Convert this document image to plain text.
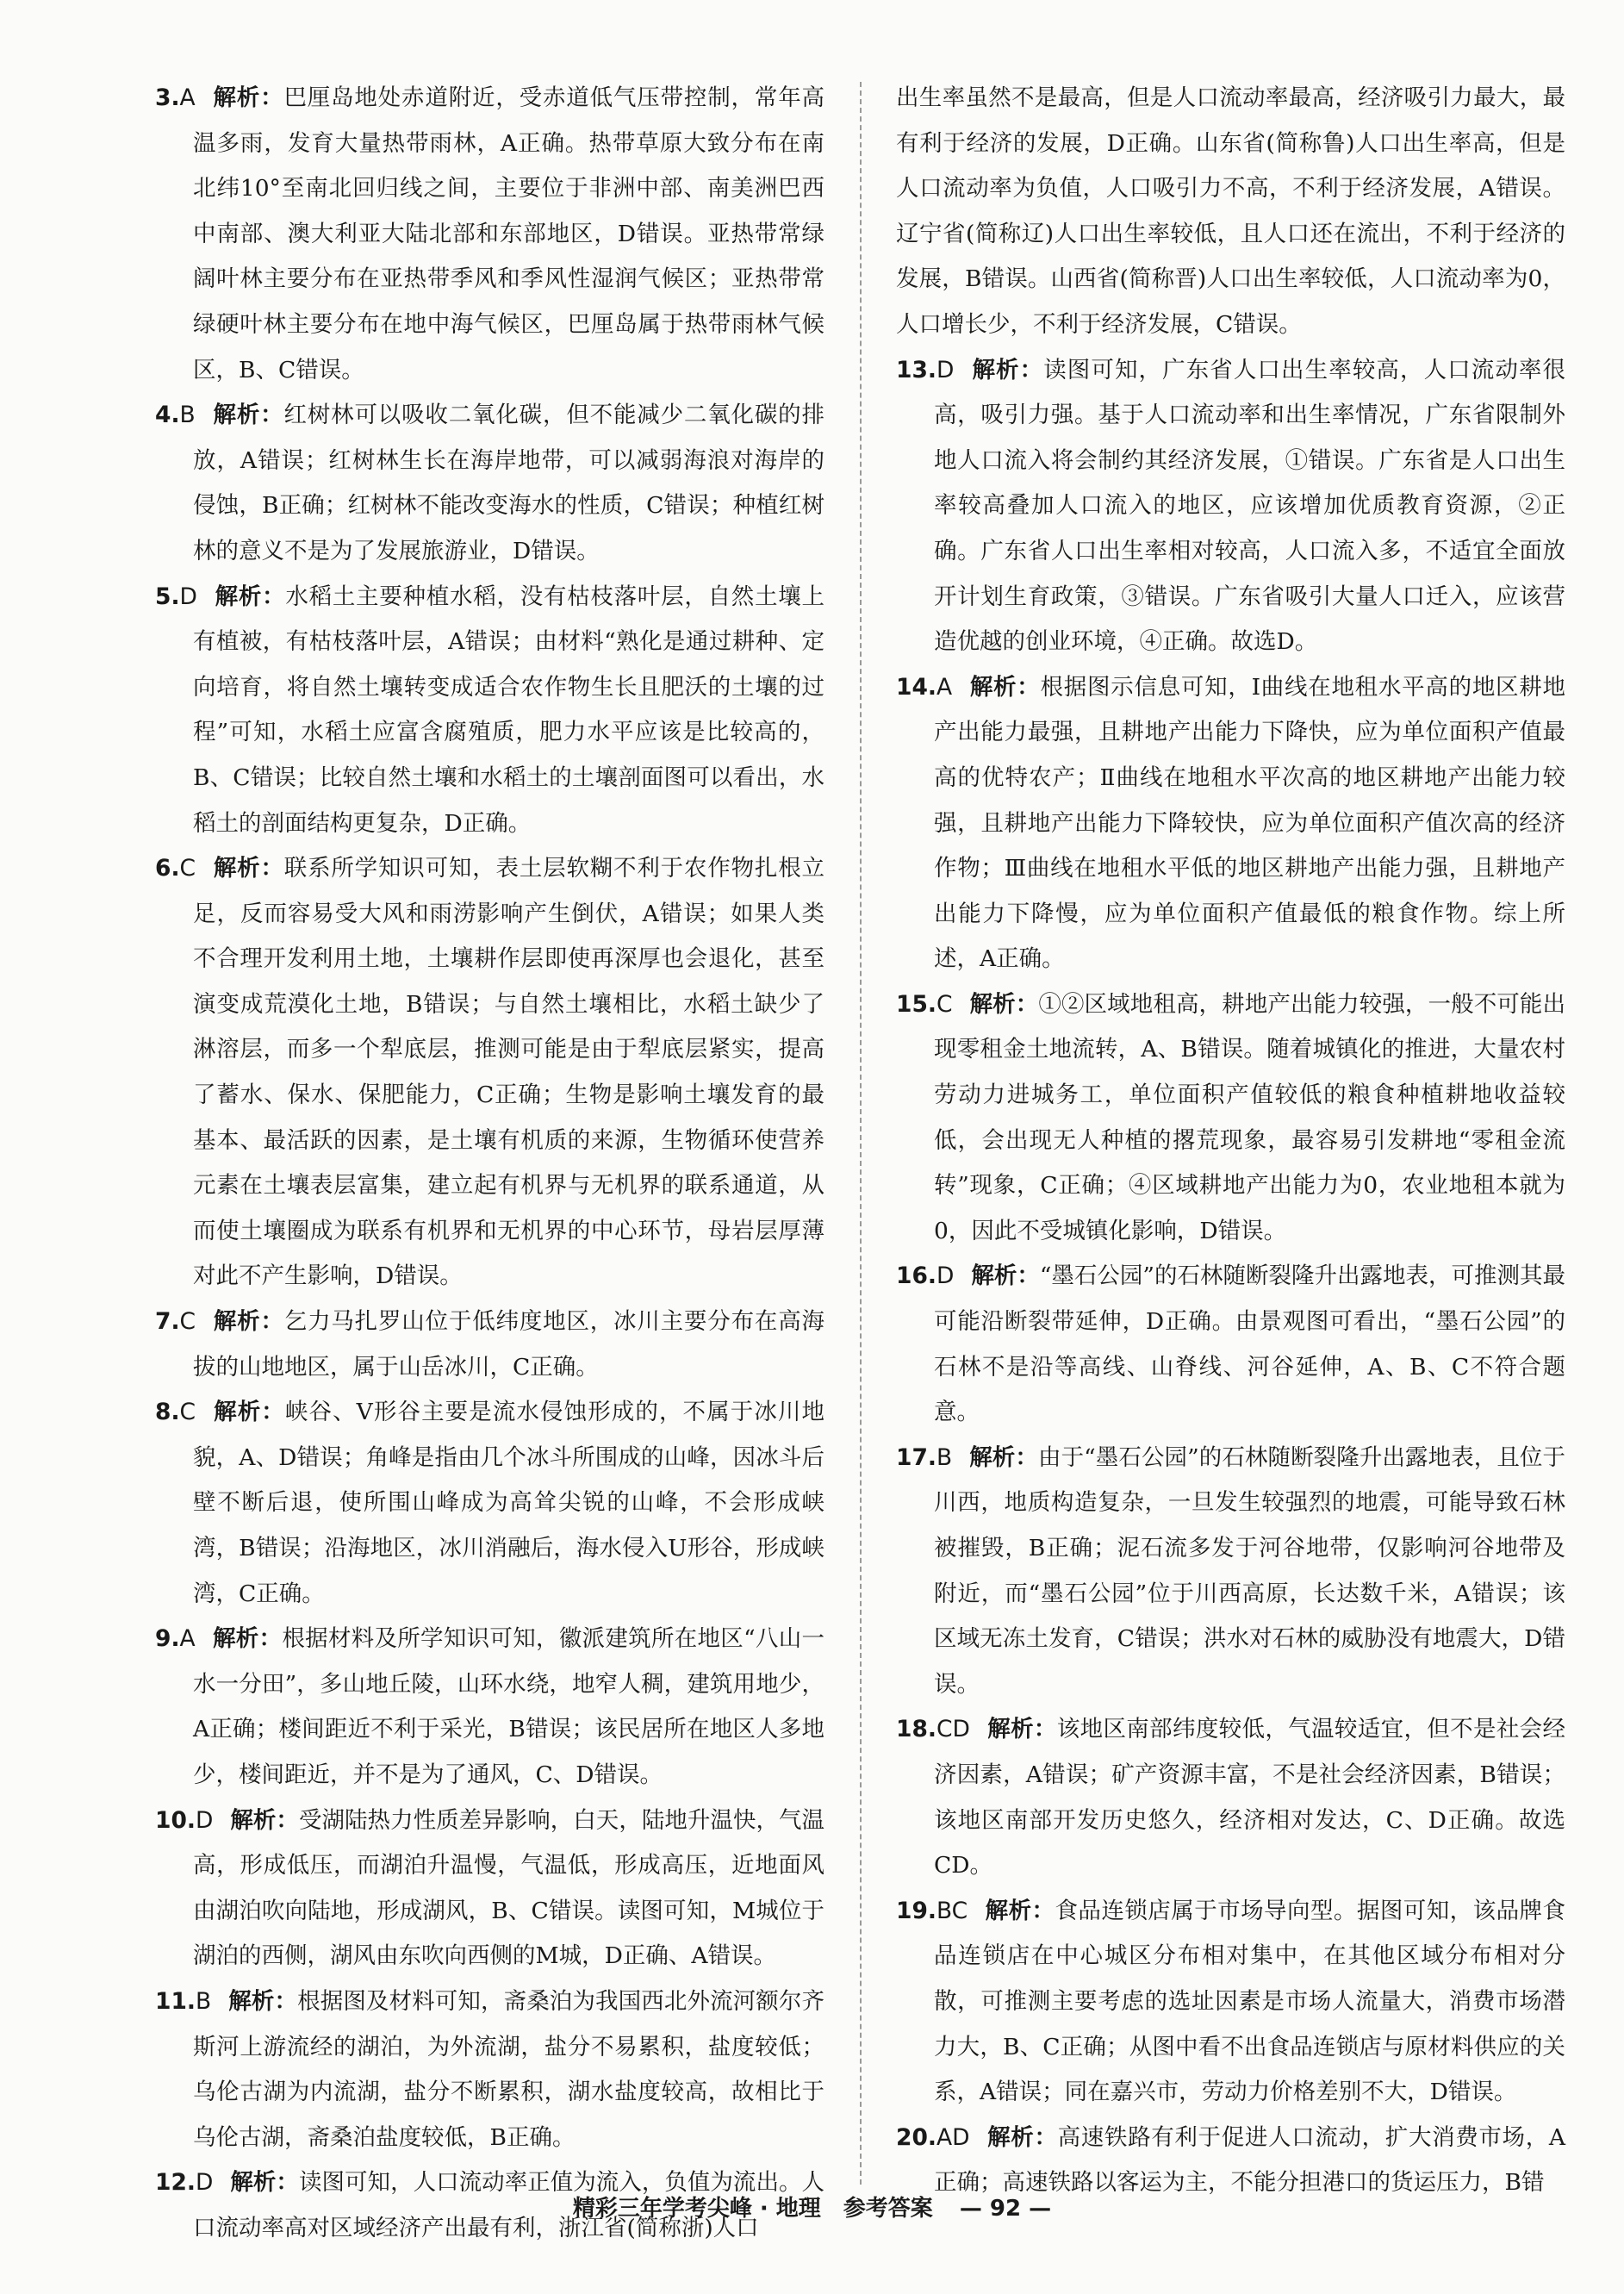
3.A 解析：巴厘岛地处赤道附近，受赤道低气压带控制，常年高温多雨，发育大量热带雨林，A正确。热带草原大致分布在南北纬10°至南北回归线之间，主要位于非洲中部、南美洲巴西中南部、澳大利亚大陆北部和东部地区，D错误。亚热带常绿阔叶林主要分布在亚热带季风和季风性湿润气候区；亚热带常绿硬叶林主要分布在地中海气候区，巴厘岛属于热带雨林气候区，B、C错误。
4.B 解析：红树林可以吸收二氧化碳，但不能减少二氧化碳的排放，A错误；红树林生长在海岸地带，可以减弱海浪对海岸的侵蚀，B正确；红树林不能改变海水的性质，C错误；种植红树林的意义不是为了发展旅游业，D错误。
5.D 解析：水稻土主要种植水稻，没有枯枝落叶层，自然土壤上有植被，有枯枝落叶层，A错误；由材料“熟化是通过耕种、定向培育，将自然土壤转变成适合农作物生长且肥沃的土壤的过程”可知，水稻土应富含腐殖质，肥力水平应该是比较高的，B、C错误；比较自然土壤和水稻土的土壤剖面图可以看出，水稻土的剖面结构更复杂，D正确。
6.C 解析：联系所学知识可知，表土层软糊不利于农作物扎根立足，反而容易受大风和雨涝影响产生倒伏，A错误；如果人类不合理开发利用土地，土壤耕作层即使再深厚也会退化，甚至演变成荒漠化土地，B错误；与自然土壤相比，水稻土缺少了淋溶层，而多一个犁底层，推测可能是由于犁底层紧实，提高了蓄水、保水、保肥能力，C正确；生物是影响土壤发育的最基本、最活跃的因素，是土壤有机质的来源，生物循环使营养元素在土壤表层富集，建立起有机界与无机界的联系通道，从而使土壤圈成为联系有机界和无机界的中心环节，母岩层厚薄对此不产生影响，D错误。
7.C 解析：乞力马扎罗山位于低纬度地区，冰川主要分布在高海拔的山地地区，属于山岳冰川，C正确。
8.C 解析：峡谷、V形谷主要是流水侵蚀形成的，不属于冰川地貌，A、D错误；角峰是指由几个冰斗所围成的山峰，因冰斗后壁不断后退，使所围山峰成为高耸尖锐的山峰，不会形成峡湾，B错误；沿海地区，冰川消融后，海水侵入U形谷，形成峡湾，C正确。
9.A 解析：根据材料及所学知识可知，徽派建筑所在地区“八山一水一分田”，多山地丘陵，山环水绕，地窄人稠，建筑用地少，A正确；楼间距近不利于采光，B错误；该民居所在地区人多地少，楼间距近，并不是为了通风，C、D错误。
10.D 解析：受湖陆热力性质差异影响，白天，陆地升温快，气温高，形成低压，而湖泊升温慢，气温低，形成高压，近地面风由湖泊吹向陆地，形成湖风，B、C错误。读图可知，M城位于湖泊的西侧，湖风由东吹向西侧的M城，D正确、A错误。
11.B 解析：根据图及材料可知，斋桑泊为我国西北外流河额尔齐斯河上游流经的湖泊，为外流湖，盐分不易累积，盐度较低；乌伦古湖为内流湖，盐分不断累积，湖水盐度较高，故相比于乌伦古湖，斋桑泊盐度较低，B正确。
12.D 解析：读图可知，人口流动率正值为流入，负值为流出。人口流动率高对区域经济产出最有利，浙江省(简称浙)人口
出生率虽然不是最高，但是人口流动率最高，经济吸引力最大，最有利于经济的发展，D正确。山东省(简称鲁)人口出生率高，但是人口流动率为负值，人口吸引力不高，不利于经济发展，A错误。辽宁省(简称辽)人口出生率较低，且人口还在流出，不利于经济的发展，B错误。山西省(简称晋)人口出生率较低，人口流动率为0，人口增长少，不利于经济发展，C错误。
13.D 解析：读图可知，广东省人口出生率较高，人口流动率很高，吸引力强。基于人口流动率和出生率情况，广东省限制外地人口流入将会制约其经济发展，①错误。广东省是人口出生率较高叠加人口流入的地区，应该增加优质教育资源，②正确。广东省人口出生率相对较高，人口流入多，不适宜全面放开计划生育政策，③错误。广东省吸引大量人口迁入，应该营造优越的创业环境，④正确。故选D。
14.A 解析：根据图示信息可知，Ⅰ曲线在地租水平高的地区耕地产出能力最强，且耕地产出能力下降快，应为单位面积产值最高的优特农产；Ⅱ曲线在地租水平次高的地区耕地产出能力较强，且耕地产出能力下降较快，应为单位面积产值次高的经济作物；Ⅲ曲线在地租水平低的地区耕地产出能力强，且耕地产出能力下降慢，应为单位面积产值最低的粮食作物。综上所述，A正确。
15.C 解析：①②区域地租高，耕地产出能力较强，一般不可能出现零租金土地流转，A、B错误。随着城镇化的推进，大量农村劳动力进城务工，单位面积产值较低的粮食种植耕地收益较低，会出现无人种植的撂荒现象，最容易引发耕地“零租金流转”现象，C正确；④区域耕地产出能力为0，农业地租本就为0，因此不受城镇化影响，D错误。
16.D 解析：“墨石公园”的石林随断裂隆升出露地表，可推测其最可能沿断裂带延伸，D正确。由景观图可看出，“墨石公园”的石林不是沿等高线、山脊线、河谷延伸，A、B、C不符合题意。
17.B 解析：由于“墨石公园”的石林随断裂隆升出露地表，且位于川西，地质构造复杂，一旦发生较强烈的地震，可能导致石林被摧毁，B正确；泥石流多发于河谷地带，仅影响河谷地带及附近，而“墨石公园”位于川西高原，长达数千米，A错误；该区域无冻土发育，C错误；洪水对石林的威胁没有地震大，D错误。
18.CD 解析：该地区南部纬度较低，气温较适宜，但不是社会经济因素，A错误；矿产资源丰富，不是社会经济因素，B错误；该地区南部开发历史悠久，经济相对发达，C、D正确。故选CD。
19.BC 解析：食品连锁店属于市场导向型。据图可知，该品牌食品连锁店在中心城区分布相对集中，在其他区域分布相对分散，可推测主要考虑的选址因素是市场人流量大，消费市场潜力大，B、C正确；从图中看不出食品连锁店与原材料供应的关系，A错误；同在嘉兴市，劳动力价格差别不大，D错误。
20.AD 解析：高速铁路有利于促进人口流动，扩大消费市场，A正确；高速铁路以客运为主，不能分担港口的货运压力，B错
精彩三年学考尖峰 · 地理　参考答案 — 92 —
